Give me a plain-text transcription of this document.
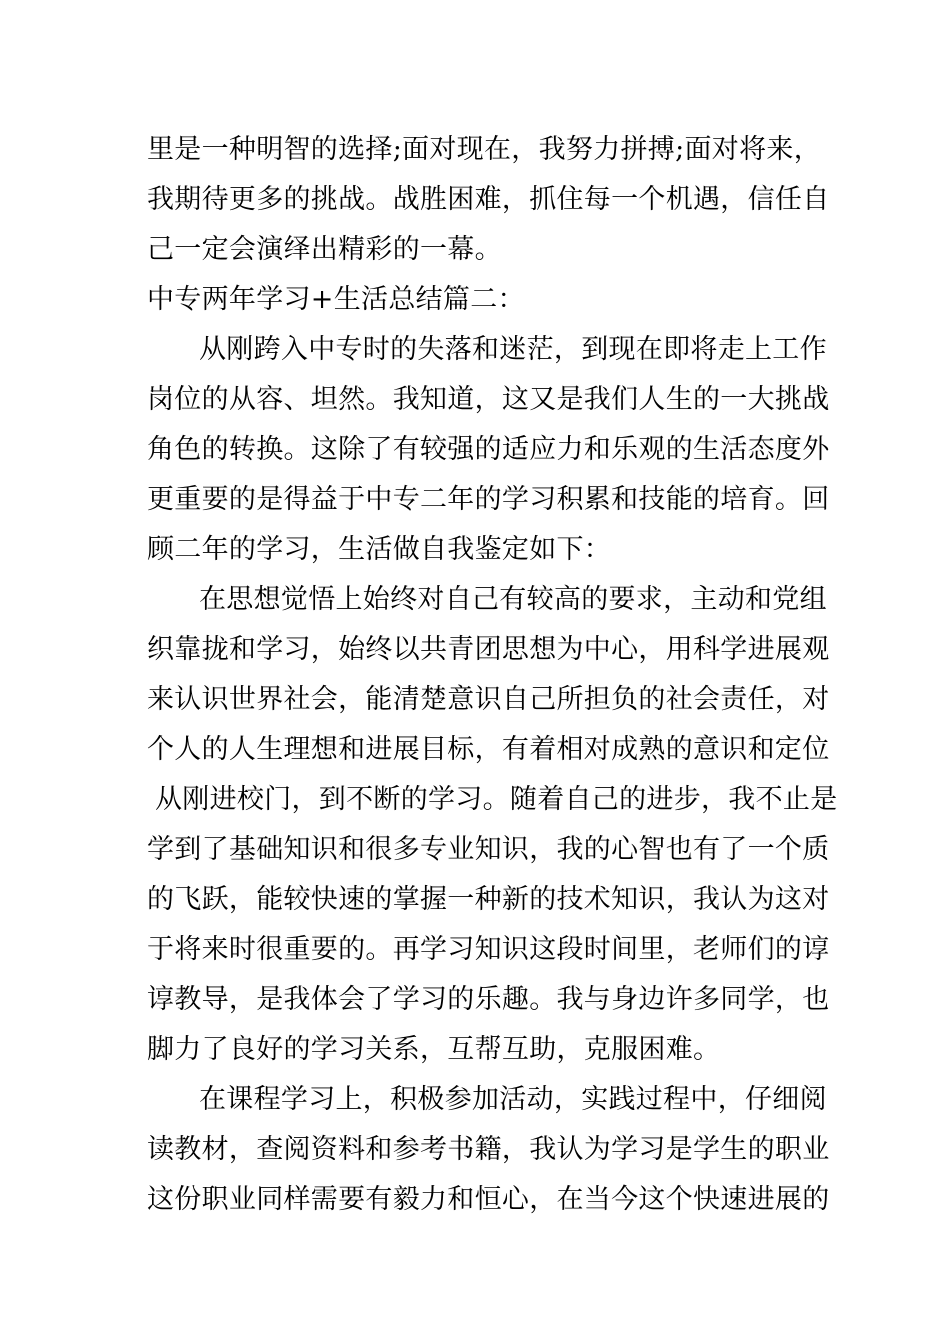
里是一种明智的选择;面对现在，我努力拼搏;面对将来，
我期待更多的挑战。战胜困难，抓住每一个机遇，信任自
己一定会演绎出精彩的一幕。
中专两年学习+生活总结篇二：
从刚跨入中专时的失落和迷茫，到现在即将走上工作
岗位的从容、坦然。我知道，这又是我们人生的一大挑战
角色的转换。这除了有较强的适应力和乐观的生活态度外
更重要的是得益于中专二年的学习积累和技能的培育。回
顾二年的学习，生活做自我鉴定如下：
在思想觉悟上始终对自己有较高的要求，主动和党组
织靠拢和学习，始终以共青团思想为中心，用科学进展观
来认识世界社会，能清楚意识自己所担负的社会责任，对
个人的人生理想和进展目标，有着相对成熟的意识和定位
从刚进校门，到不断的学习。随着自己的进步，我不止是
学到了基础知识和很多专业知识，我的心智也有了一个质
的飞跃，能较快速的掌握一种新的技术知识，我认为这对
于将来时很重要的。再学习知识这段时间里，老师们的谆
谆教导，是我体会了学习的乐趣。我与身边许多同学，也
脚力了良好的学习关系，互帮互助，克服困难。
在课程学习上，积极参加活动，实践过程中，仔细阅
读教材，查阅资料和参考书籍，我认为学习是学生的职业
这份职业同样需要有毅力和恒心，在当今这个快速进展的
